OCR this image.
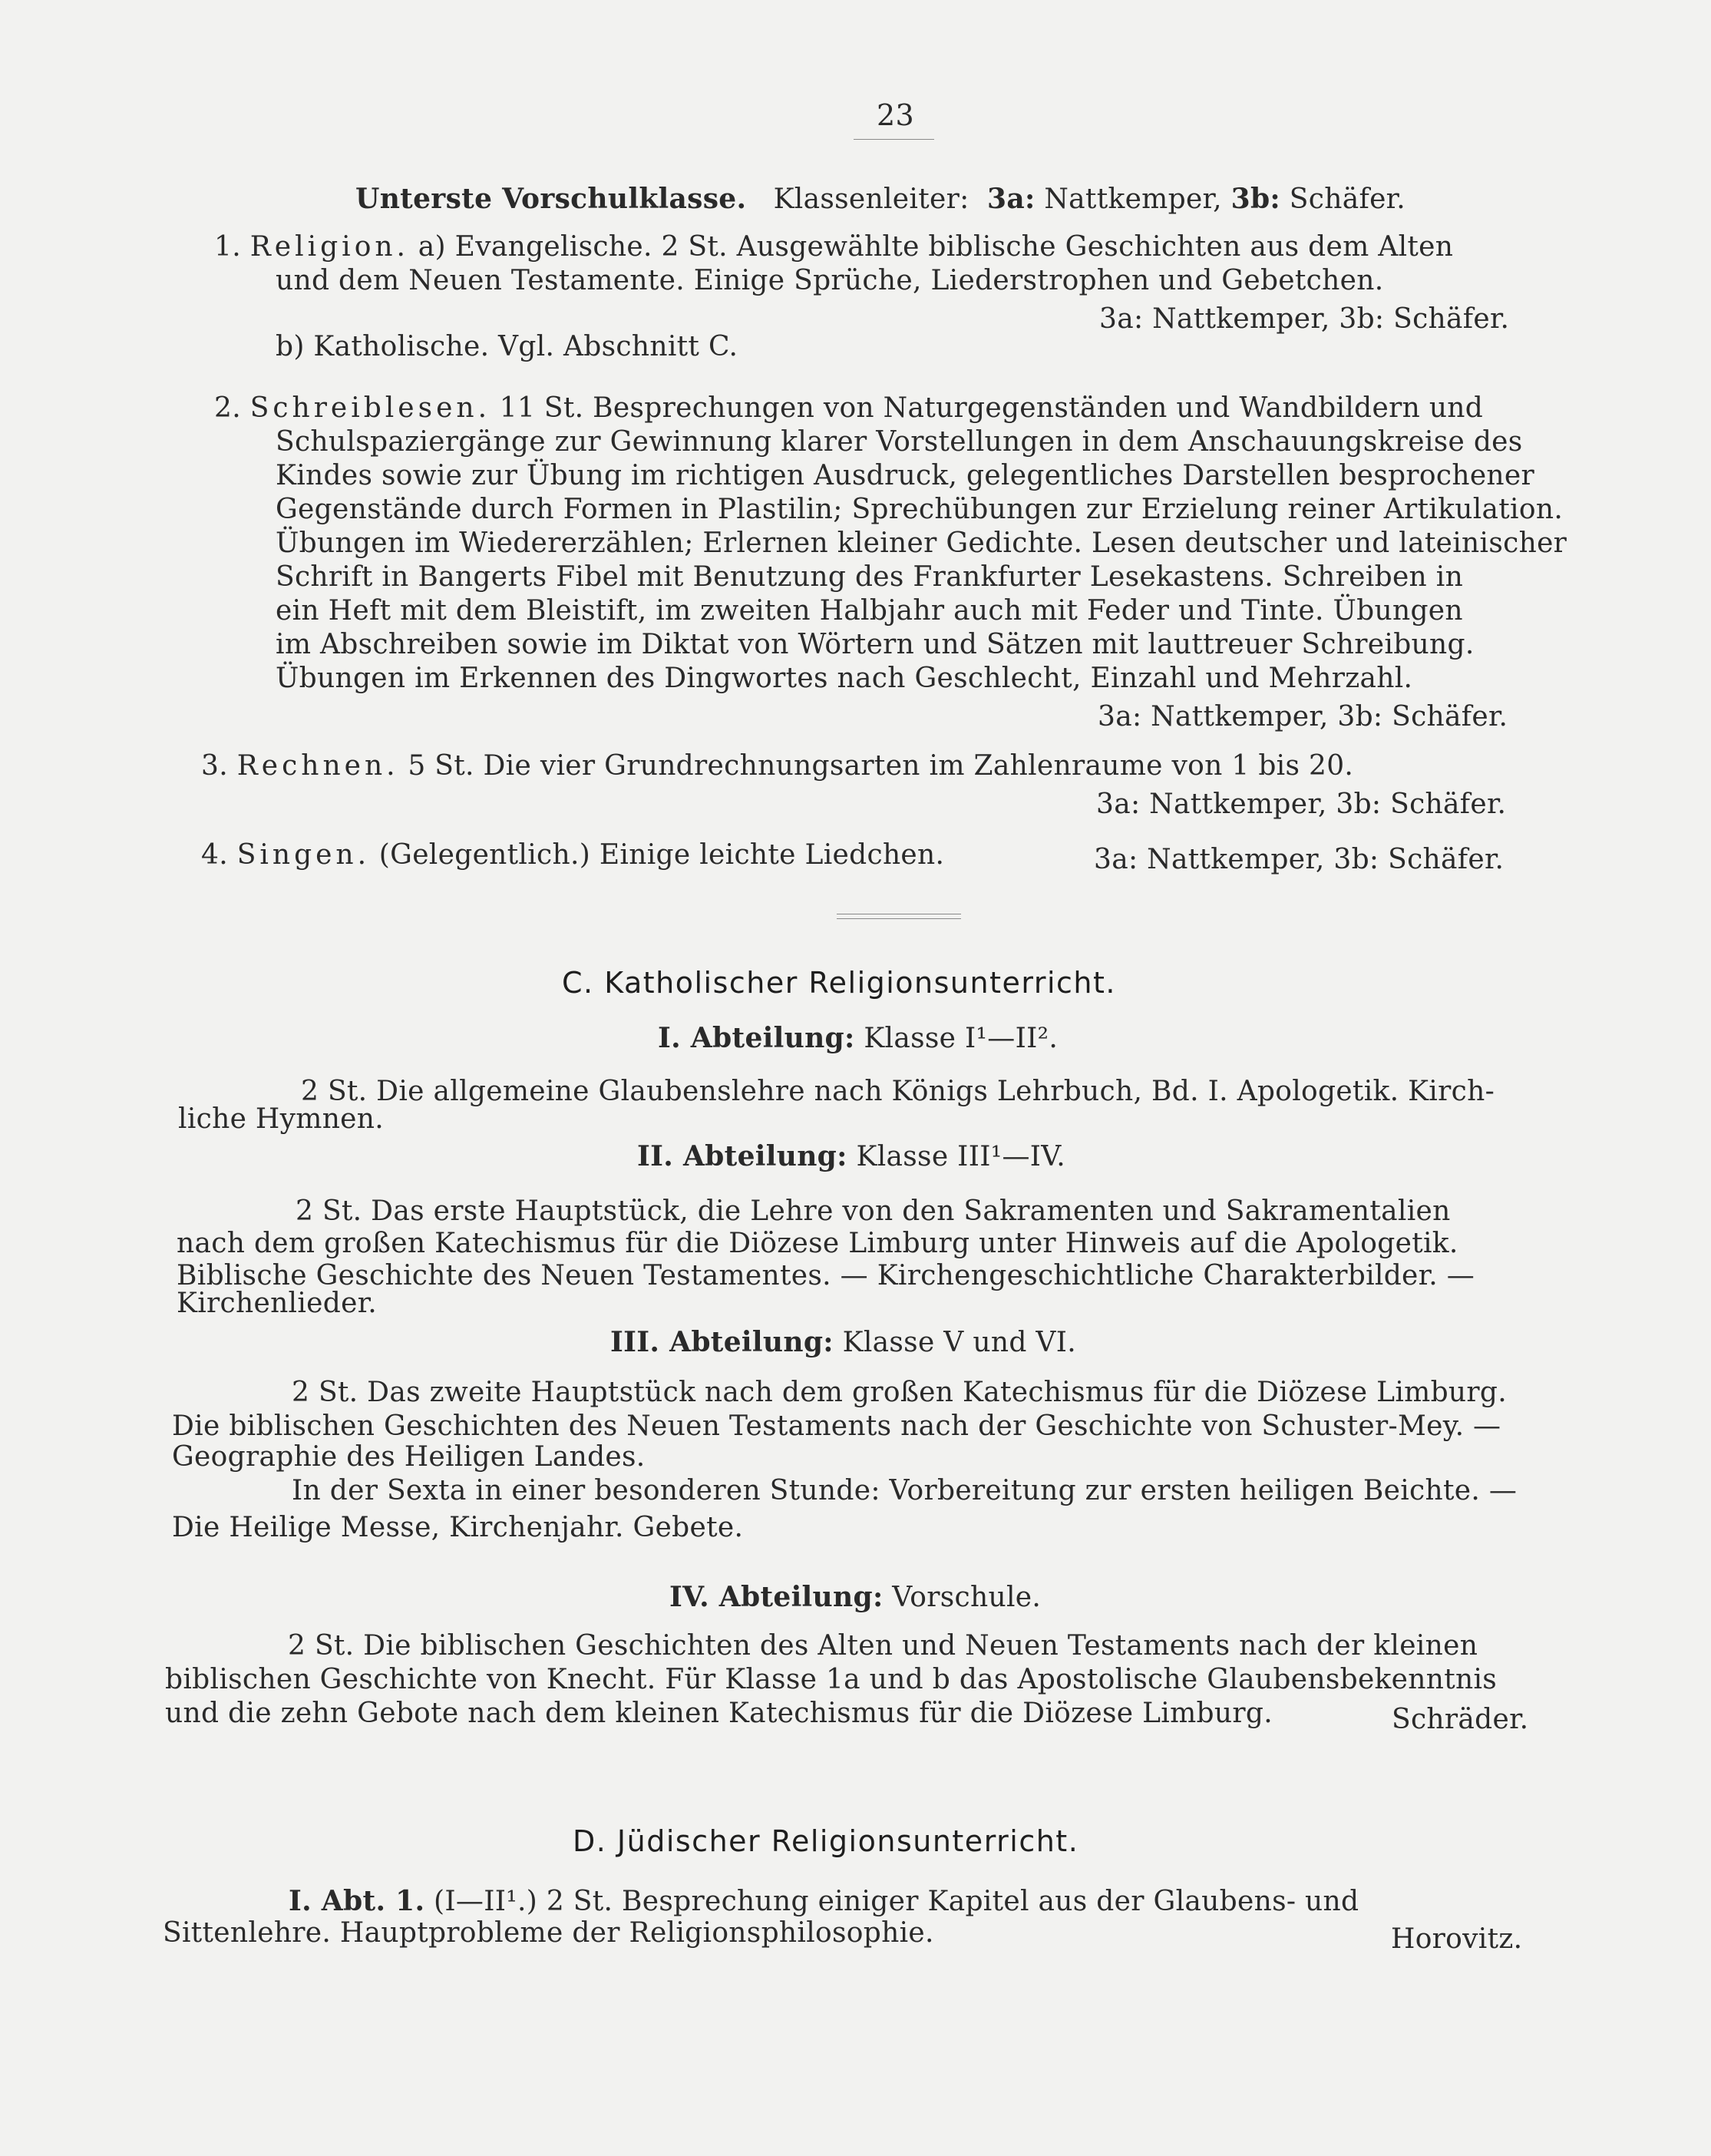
23
Unterste Vorschulklasse. Klassenleiter: 3a: Nattkemper, 3b: Schäfer.
1. Religion. a) Evangelische. 2 St. Ausgewählte biblische Geschichten aus dem Alten
und dem Neuen Testamente. Einige Sprüche, Liederstrophen und Gebetchen.
3a: Nattkemper, 3b: Schäfer.
b) Katholische. Vgl. Abschnitt C.
2. Schreiblesen. 11 St. Besprechungen von Naturgegenständen und Wandbildern und
Schulspaziergänge zur Gewinnung klarer Vorstellungen in dem Anschauungskreise des
Kindes sowie zur Übung im richtigen Ausdruck, gelegentliches Darstellen besprochener
Gegenstände durch Formen in Plastilin; Sprechübungen zur Erzielung reiner Artikulation.
Übungen im Wiedererzählen; Erlernen kleiner Gedichte. Lesen deutscher und lateinischer
Schrift in Bangerts Fibel mit Benutzung des Frankfurter Lesekastens. Schreiben in
ein Heft mit dem Bleistift, im zweiten Halbjahr auch mit Feder und Tinte. Übungen
im Abschreiben sowie im Diktat von Wörtern und Sätzen mit lauttreuer Schreibung.
Übungen im Erkennen des Dingwortes nach Geschlecht, Einzahl und Mehrzahl.
3a: Nattkemper, 3b: Schäfer.
3. Rechnen. 5 St. Die vier Grundrechnungsarten im Zahlenraume von 1 bis 20.
3a: Nattkemper, 3b: Schäfer.
4. Singen. (Gelegentlich.) Einige leichte Liedchen.	3a: Nattkemper, 3b: Schäfer.
C. Katholischer Religionsunterricht.
I. Abteilung: Klasse I¹—II².
2 St. Die allgemeine Glaubenslehre nach Königs Lehrbuch, Bd. I. Apologetik. Kirch-
liche Hymnen.
II. Abteilung: Klasse III¹—IV.
2 St. Das erste Hauptstück, die Lehre von den Sakramenten und Sakramentalien
nach dem großen Katechismus für die Diözese Limburg unter Hinweis auf die Apologetik.
Biblische Geschichte des Neuen Testamentes. — Kirchengeschichtliche Charakterbilder. —
Kirchenlieder.
III. Abteilung: Klasse V und VI.
2 St. Das zweite Hauptstück nach dem großen Katechismus für die Diözese Limburg.
Die biblischen Geschichten des Neuen Testaments nach der Geschichte von Schuster-Mey. —
Geographie des Heiligen Landes.
In der Sexta in einer besonderen Stunde: Vorbereitung zur ersten heiligen Beichte. —
Die Heilige Messe, Kirchenjahr. Gebete.
IV. Abteilung: Vorschule.
2 St. Die biblischen Geschichten des Alten und Neuen Testaments nach der kleinen
biblischen Geschichte von Knecht. Für Klasse 1a und b das Apostolische Glaubensbekenntnis
und die zehn Gebote nach dem kleinen Katechismus für die Diözese Limburg.	Schräder.
D. Jüdischer Religionsunterricht.
I. Abt. 1. (I—II¹.) 2 St. Besprechung einiger Kapitel aus der Glaubens- und
Sittenlehre. Hauptprobleme der Religionsphilosophie.	Horovitz.
